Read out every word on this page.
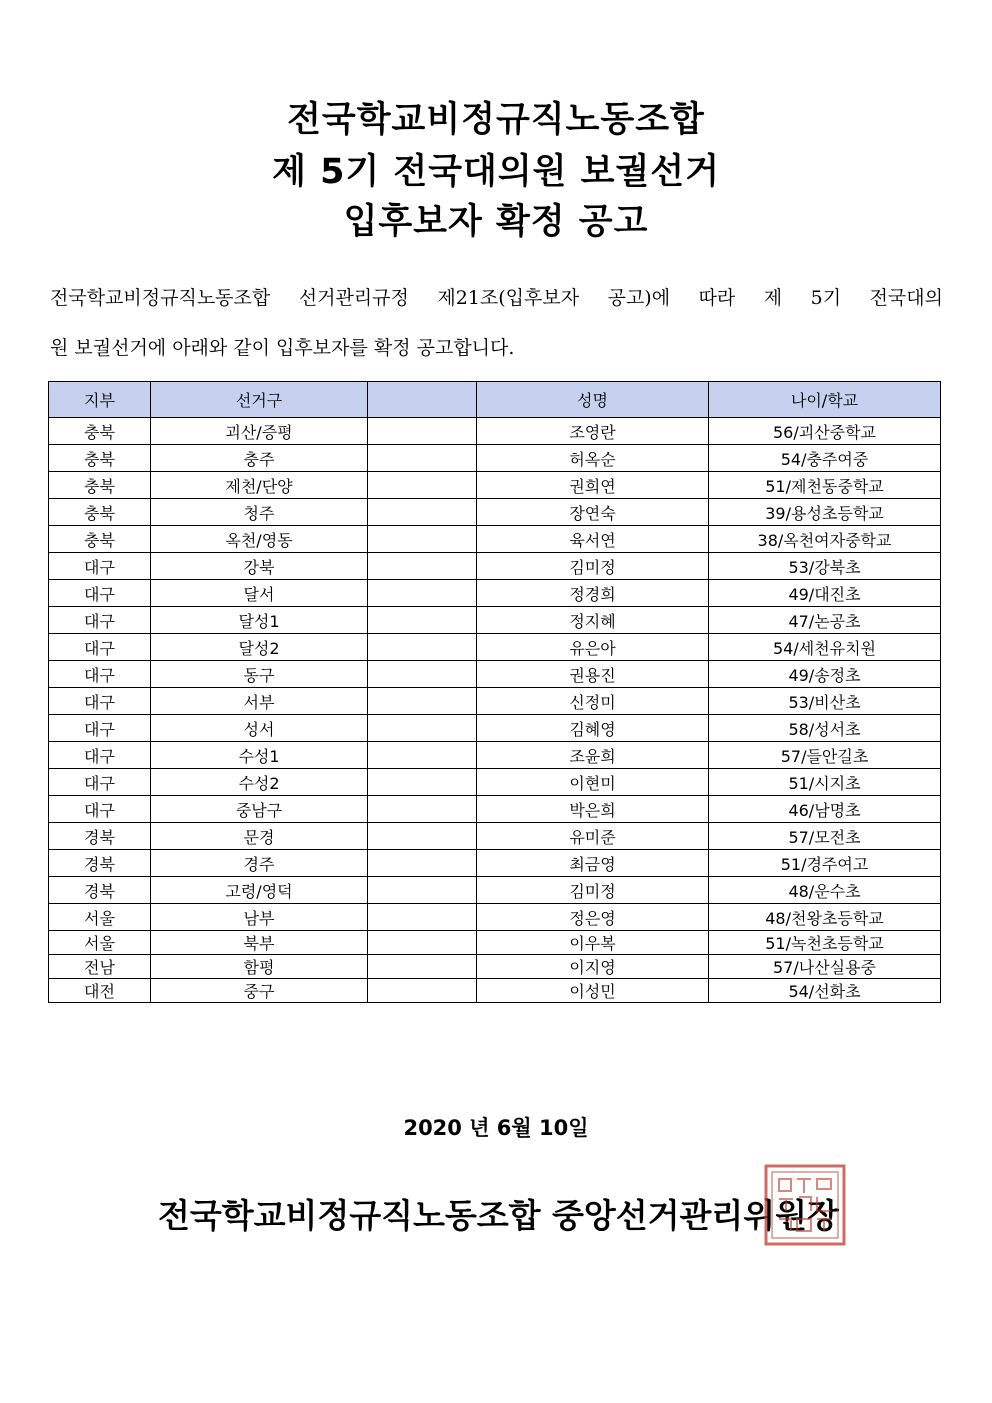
전국학교비정규직노동조합
제 5기 전국대의원 보궐선거
입후보자 확정 공고
전국학교비정규직노동조합 선거관리규정 제21조(입후보자 공고)에 따라 제 5기 전국대의
원 보궐선거에 아래와 같이 입후보자를 확정 공고합니다.
지부	선거구		성명	나이/학교
충북	괴산/증평		조영란	56/괴산중학교
충북	충주		허옥순	54/충주여중
충북	제천/단양		권희연	51/제천동중학교
충북	청주		장연숙	39/용성초등학교
충북	옥천/영동		육서연	38/옥천여자중학교
대구	강북		김미정	53/강북초
대구	달서		정경희	49/대진초
대구	달성1		정지혜	47/논공초
대구	달성2		유은아	54/세천유치원
대구	동구		권용진	49/송정초
대구	서부		신정미	53/비산초
대구	성서		김혜영	58/성서초
대구	수성1		조윤희	57/들안길초
대구	수성2		이현미	51/시지초
대구	중남구		박은희	46/남명초
경북	문경		유미준	57/모전초
경북	경주		최금영	51/경주여고
경북	고령/영덕		김미정	48/운수초
서울	남부		정은영	48/천왕초등학교
서울	북부		이우복	51/녹천초등학교
전남	함평		이지영	57/나산실용중
대전	중구		이성민	54/선화초
2020 년 6월 10일
전국학교비정규직노동조합 중앙선거관리위원장
